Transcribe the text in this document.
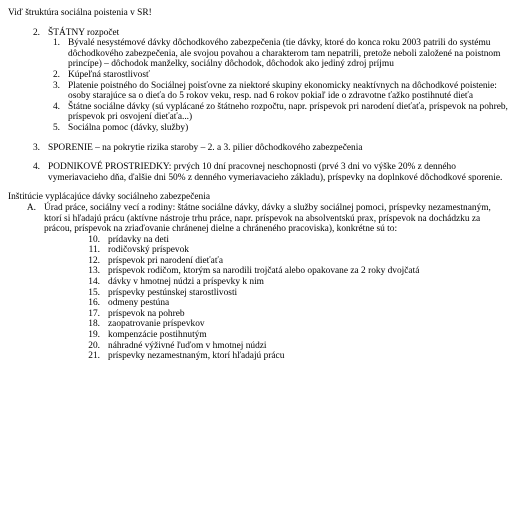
Viď štruktúra sociálna poistenia v SR!

2. ŠTÁTNY rozpočet
1. Bývalé nesystémové dávky dôchodkového zabezpečenia (tie dávky, ktoré do konca roku 2003 patrili do systému dôchodkového zabezpečenia, ale svojou povahou a charakterom tam nepatrili, pretože neboli založené na poistnom princípe) – dôchodok manželky, sociálny dôchodok, dôchodok ako jediný zdroj príjmu
2. Kúpeľná starostlivosť
3. Platenie poistného do Sociálnej poisťovne za niektoré skupiny ekonomicky neaktívnych na dôchodkové poistenie: osoby starajúce sa o dieťa do 5 rokov veku, resp. nad 6 rokov pokiaľ ide o zdravotne ťažko postihnuté dieťa
4. Štátne sociálne dávky (sú vyplácané zo štátneho rozpočtu, napr. príspevok pri narodení dieťaťa, príspevok na pohreb, príspevok pri osvojení dieťaťa...)
5. Sociálna pomoc (dávky, služby)
3. SPORENIE – na pokrytie rizika staroby – 2. a 3. pilier dôchodkového zabezpečenia
4. PODNIKOVÉ PROSTRIEDKY: prvých 10 dní pracovnej neschopnosti (prvé 3 dni vo výške 20% z denného vymeriavacieho dňa, ďalšie dni 50% z denného vymeriavacieho základu), príspevky na doplnkové dôchodkové sporenie.
Inštitúcie vyplácajúce dávky sociálneho zabezpečenia
A. Úrad práce, sociálny vecí a rodiny: štátne sociálne dávky, dávky a služby sociálnej pomoci, príspevky nezamestnaným, ktorí si hľadajú prácu (aktívne nástroje trhu práce, napr. príspevok na absolventskú prax, príspevok na dochádzku za prácou, príspevok na zriaďovanie chránenej dielne a chráneného pracoviska), konkrétne sú to:
10. prídavky na deti
11. rodičovský príspevok
12. príspevok pri narodení dieťaťa
13. príspevok rodičom, ktorým sa narodili trojčatá alebo opakovane za 2 roky dvojčatá
14. dávky v hmotnej núdzi a príspevky k nim
15. príspevky pestúnskej starostlivosti
16. odmeny pestúna
17. príspevok na pohreb
18. zaopatrovanie príspevkov
19. kompenzácie postihnutým
20. náhradné výživné ľuďom v hmotnej núdzi
21. príspevky nezamestnaným, ktorí hľadajú prácu
